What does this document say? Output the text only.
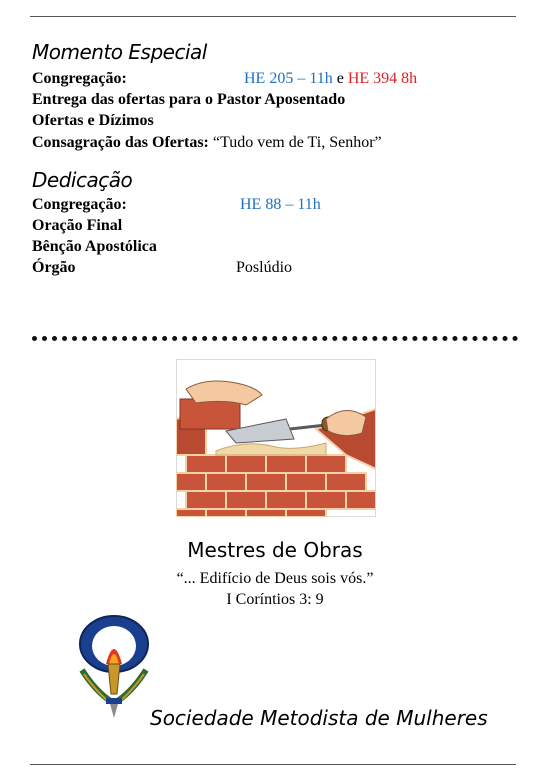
Momento Especial
Congregação:	HE 205 – 11h e HE 394 8h
Entrega das ofertas para o Pastor Aposentado
Ofertas e Dízimos
Consagração das Ofertas: “Tudo vem de Ti, Senhor”
Dedicação
Congregação:	HE 88 – 11h
Oração Final
Bênção Apostólica
Órgão	Poslúdio
Mestres de Obras
“... Edifício de Deus sois vós.”
I Coríntios 3: 9
Sociedade Metodista de Mulheres
